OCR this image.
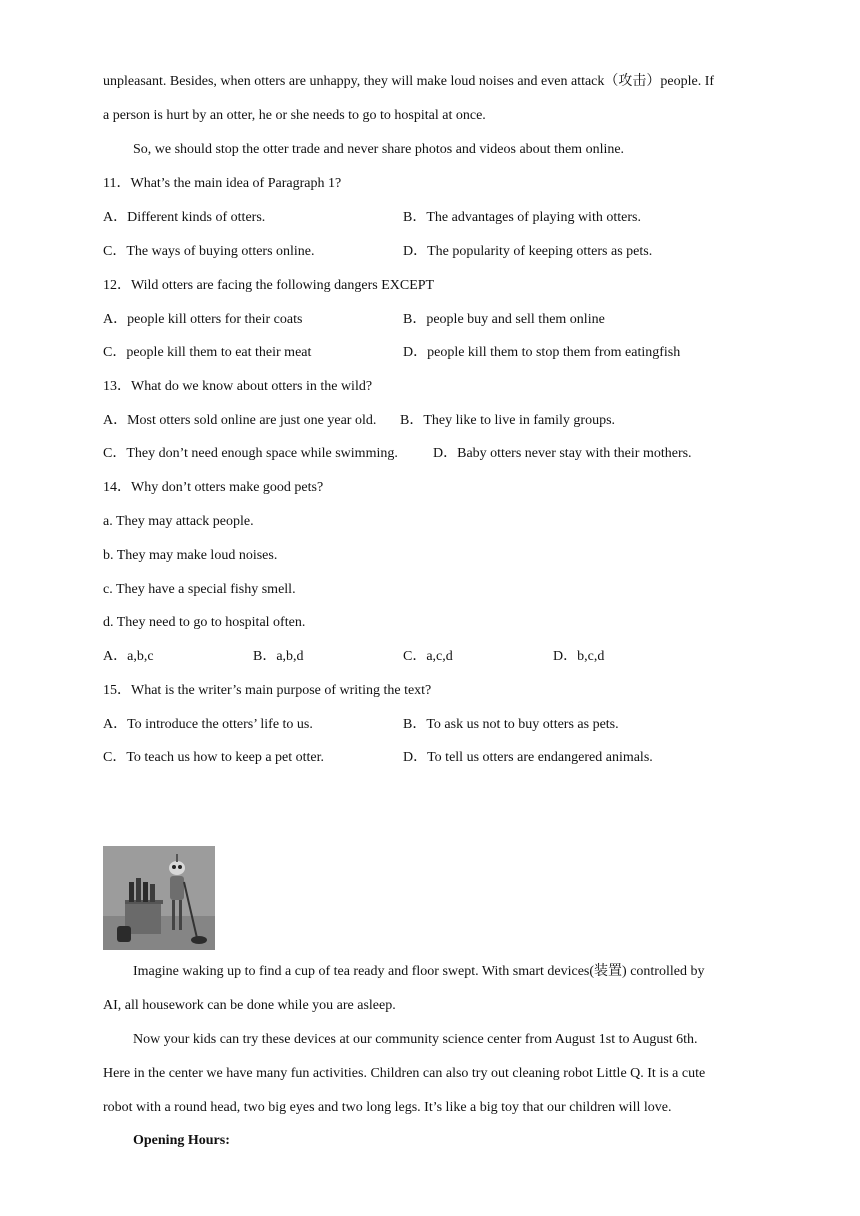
unpleasant. Besides, when otters are unhappy, they will make loud noises and even attack（攻击）people. If
a person is hurt by an otter, he or she needs to go to hospital at once.
So, we should stop the otter trade and never share photos and videos about them online.
11．What’s the main idea of Paragraph 1?
A．Different kinds of otters.	B．The advantages of playing with otters.
C．The ways of buying otters online.	D．The popularity of keeping otters as pets.
12．Wild otters are facing the following dangers EXCEPT
A．people kill otters for their coats	B．people buy and sell them online
C．people kill them to eat their meat	D．people kill them to stop them from eatingfish
13．What do we know about otters in the wild?
A．Most otters sold online are just one year old. B．They like to live in family groups.
C．They don’t need enough space while swimming.	D．Baby otters never stay with their mothers.
14．Why don’t otters make good pets?
a. They may attack people.
b. They may make loud noises.
c. They have a special fishy smell.
d. They need to go to hospital often.
A．a,b,c	B．a,b,d	C．a,c,d	D．b,c,d
15．What is the writer’s main purpose of writing the text?
A．To introduce the otters’ life to us.	B．To ask us not to buy otters as pets.
C．To teach us how to keep a pet otter.	D．To tell us otters are endangered animals.
Imagine waking up to find a cup of tea ready and floor swept. With smart devices(装置) controlled by
AI, all housework can be done while you are asleep.
Now your kids can try these devices at our community science center from August 1st to August 6th.
Here in the center we have many fun activities. Children can also try out cleaning robot Little Q. It is a cute
robot with a round head, two big eyes and two long legs. It’s like a big toy that our children will love.
Opening Hours:
